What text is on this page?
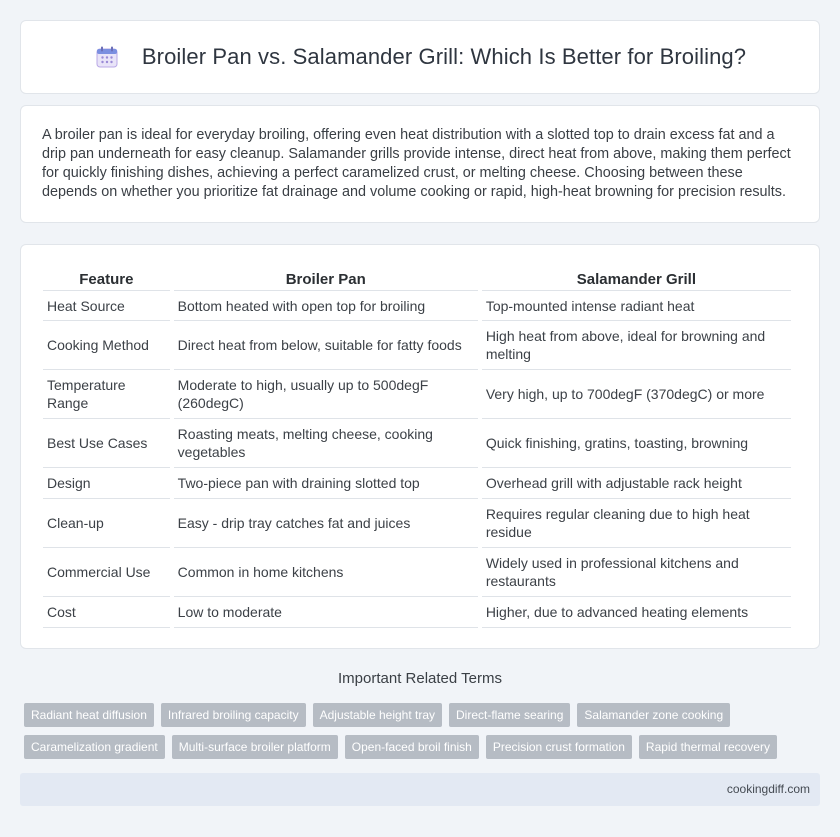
Broiler Pan vs. Salamander Grill: Which Is Better for Broiling?

A broiler pan is ideal for everyday broiling, offering even heat distribution with a slotted top to drain excess fat and a drip pan underneath for easy cleanup. Salamander grills provide intense, direct heat from above, making them perfect for quickly finishing dishes, achieving a perfect caramelized crust, or melting cheese. Choosing between these depends on whether you prioritize fat drainage and volume cooking or rapid, high-heat browning for precision results.

Feature	Broiler Pan	Salamander Grill
Heat Source	Bottom heated with open top for broiling	Top-mounted intense radiant heat
Cooking Method	Direct heat from below, suitable for fatty foods	High heat from above, ideal for browning and melting
Temperature Range	Moderate to high, usually up to 500degF (260degC)	Very high, up to 700degF (370degC) or more
Best Use Cases	Roasting meats, melting cheese, cooking vegetables	Quick finishing, gratins, toasting, browning
Design	Two-piece pan with draining slotted top	Overhead grill with adjustable rack height
Clean-up	Easy - drip tray catches fat and juices	Requires regular cleaning due to high heat residue
Commercial Use	Common in home kitchens	Widely used in professional kitchens and restaurants
Cost	Low to moderate	Higher, due to advanced heating elements
Important Related Terms
Radiant heat diffusion	Infrared broiling capacity	Adjustable height tray	Direct-flame searing	Salamander zone cooking
Caramelization gradient	Multi-surface broiler platform	Open-faced broil finish	Precision crust formation	Rapid thermal recovery
cookingdiff.com
